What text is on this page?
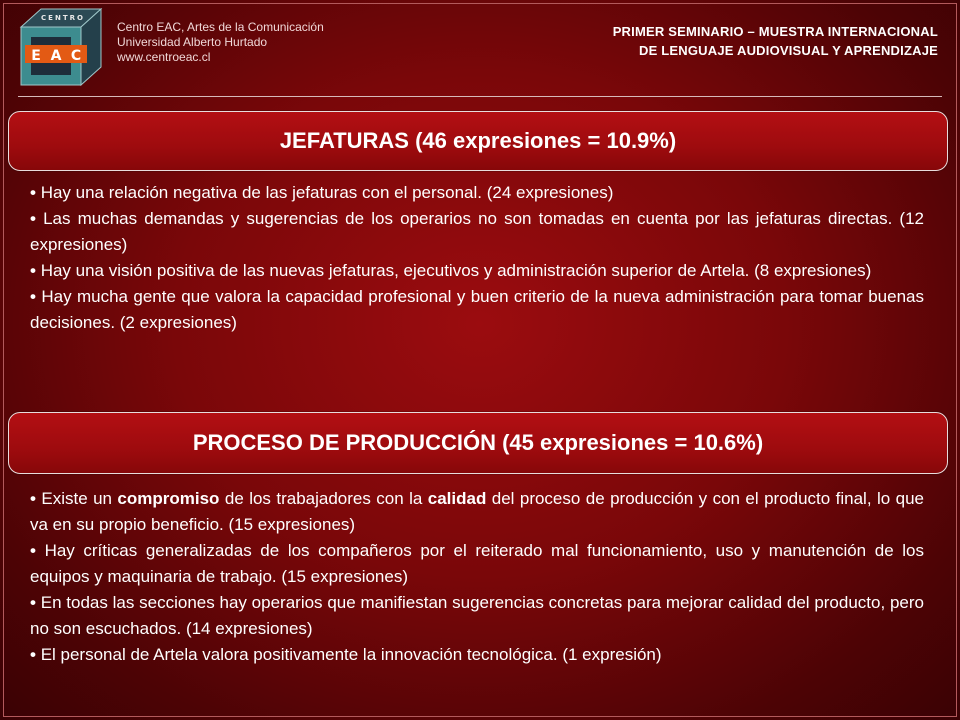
CENTRO
E A C
Centro EAC, Artes de la Comunicación
Universidad Alberto Hurtado
www.centroeac.cl
PRIMER SEMINARIO – MUESTRA INTERNACIONAL
DE LENGUAJE AUDIOVISUAL Y APRENDIZAJE
JEFATURAS (46 expresiones = 10.9%)
• Hay una relación negativa de las jefaturas con el personal. (24 expresiones)
• Las muchas demandas y sugerencias de los operarios no son tomadas en cuenta por las jefaturas directas. (12 expresiones)
• Hay una visión positiva de las nuevas jefaturas, ejecutivos y administración superior de Artela. (8 expresiones)
• Hay mucha gente que valora la capacidad profesional y buen criterio de la nueva administración para tomar buenas decisiones. (2 expresiones)
PROCESO DE PRODUCCIÓN (45 expresiones = 10.6%)
• Existe un compromiso de los trabajadores con la calidad del proceso de producción y con el producto final, lo que va en su propio beneficio. (15 expresiones)
• Hay críticas generalizadas de los compañeros por el reiterado mal funcionamiento, uso y manutención de los equipos y maquinaria de trabajo. (15 expresiones)
• En todas las secciones hay operarios que manifiestan sugerencias concretas para mejorar calidad del producto, pero no son escuchados. (14 expresiones)
• El personal de Artela valora positivamente la innovación tecnológica. (1 expresión)
